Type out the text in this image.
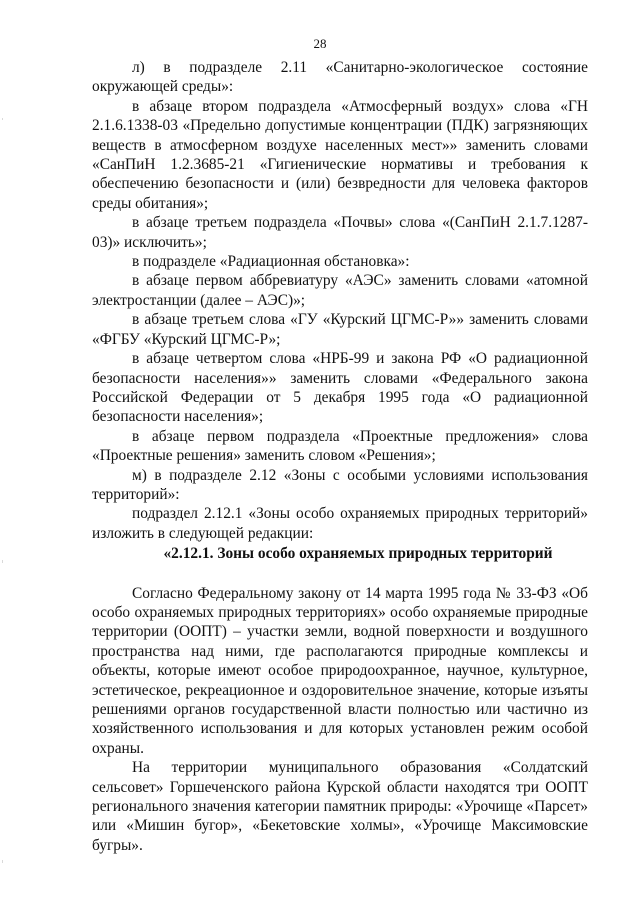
28

л) в подразделе 2.11 «Санитарно-экологическое состояние окружающей среды»:

в абзаце втором подраздела «Атмосферный воздух» слова «ГН 2.1.6.1338-03 «Предельно допустимые концентрации (ПДК) загрязняющих веществ в атмосферном воздухе населенных мест»» заменить словами «СанПиН 1.2.3685-21 «Гигиенические нормативы и требования к обеспечению безопасности и (или) безвредности для человека факторов среды обитания»;

в абзаце третьем подраздела «Почвы» слова «(СанПиН 2.1.7.1287-03)» исключить»;

в подразделе «Радиационная обстановка»:

в абзаце первом аббревиатуру «АЭС» заменить словами «атомной электростанции (далее – АЭС)»;

в абзаце третьем слова «ГУ «Курский ЦГМС-Р»» заменить словами «ФГБУ «Курский ЦГМС-Р»;

в абзаце четвертом слова «НРБ-99 и закона РФ «О радиационной безопасности населения»» заменить словами «Федерального закона Российской Федерации от 5 декабря 1995 года «О радиационной безопасности населения»;

в абзаце первом подраздела «Проектные предложения» слова «Проектные решения» заменить словом «Решения»;

м) в подразделе 2.12 «Зоны с особыми условиями использования территорий»:

подраздел 2.12.1 «Зоны особо охраняемых природных территорий» изложить в следующей редакции:

«2.12.1. Зоны особо охраняемых природных территорий

Согласно Федеральному закону от 14 марта 1995 года № 33-ФЗ «Об особо охраняемых природных территориях» особо охраняемые природные территории (ООПТ) – участки земли, водной поверхности и воздушного пространства над ними, где располагаются природные комплексы и объекты, которые имеют особое природоохранное, научное, культурное, эстетическое, рекреационное и оздоровительное значение, которые изъяты решениями органов государственной власти полностью или частично из хозяйственного использования и для которых установлен режим особой охраны.

На территории муниципального образования «Солдатский сельсовет» Горшеченского района Курской области находятся три ООПТ регионального значения категории памятник природы: «Урочище «Парсет» или «Мишин бугор», «Бекетовские холмы», «Урочище Максимовские бугры».
